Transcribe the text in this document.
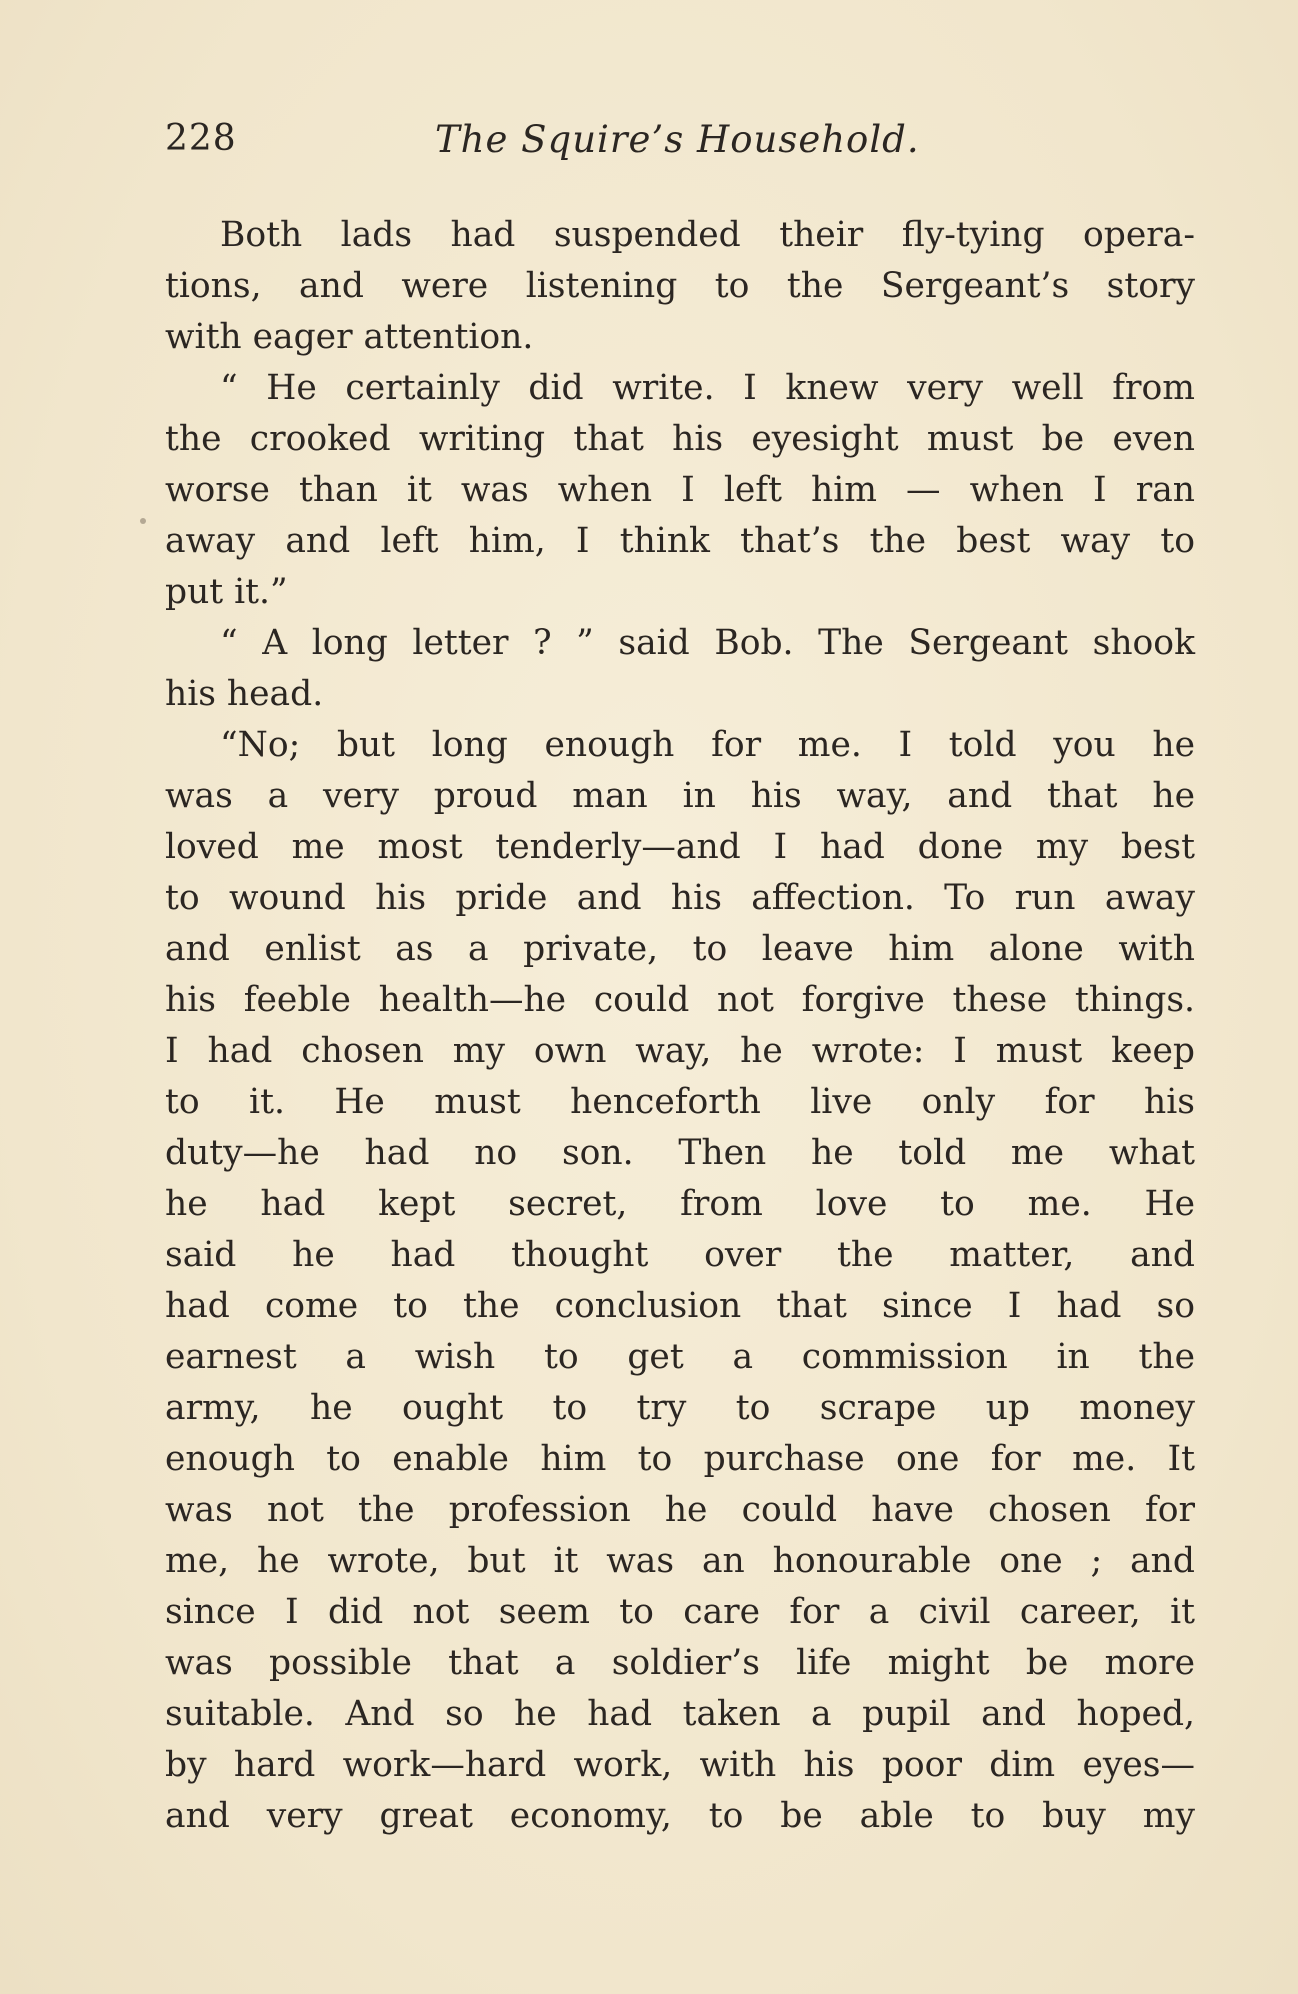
228	The Squire’s Household.
Both lads had suspended their fly-tying opera-
tions, and were listening to the Sergeant’s story
with eager attention.
“ He certainly did write. I knew very well from
the crooked writing that his eyesight must be even
worse than it was when I left him — when I ran
away and left him, I think that’s the best way to
put it.”
“ A long letter ? ” said Bob. The Sergeant shook
his head.
“No; but long enough for me. I told you he
was a very proud man in his way, and that he
loved me most tenderly—and I had done my best
to wound his pride and his affection. To run away
and enlist as a private, to leave him alone with
his feeble health—he could not forgive these things.
I had chosen my own way, he wrote: I must keep
to it. He must henceforth live only for his
duty—he had no son. Then he told me what
he had kept secret, from love to me. He
said he had thought over the matter, and
had come to the conclusion that since I had so
earnest a wish to get a commission in the
army, he ought to try to scrape up money
enough to enable him to purchase one for me. It
was not the profession he could have chosen for
me, he wrote, but it was an honourable one ; and
since I did not seem to care for a civil career, it
was possible that a soldier’s life might be more
suitable. And so he had taken a pupil and hoped,
by hard work—hard work, with his poor dim eyes—
and very great economy, to be able to buy my
